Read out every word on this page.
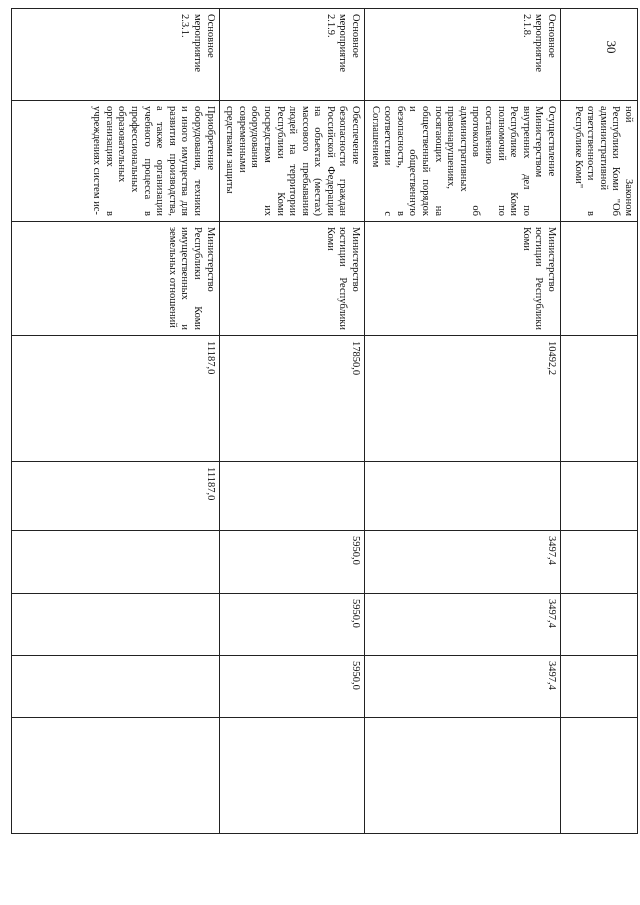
30
	ной Законом Республики Коми "Об административной ответственности в Республике Коми"							
Основное мероприятие 2.1.8.	Осуществление Министерством внутренних дел по Республике Коми полномочий по составлению протоколов об административных правонарушениях, посягающих на общественный порядок и общественную безопасность, в соответствии с Соглашением	Министерство юстиции Республики Коми	10492,2		3497,4	3497,4	3497,4	
Основное мероприятие 2.1.9.	Обеспечение безопасности граждан Российской Федерации на объектах (местах) массового пребывания людей на территории Республики Коми посредством их оборудования современными средствами защиты	Министерство юстиции Республики Коми	17850,0		5950,0	5950,0	5950,0	
Основное мероприятие 2.3.1.	Приобретение оборудования, техники и иного имущества для развития производства, а также организации учебного процесса в профессиональных образовательных организациях в учреждениях систем ис-	Министерство Республики Коми имущественных и земельных отношений	11187,0	11187,0				
